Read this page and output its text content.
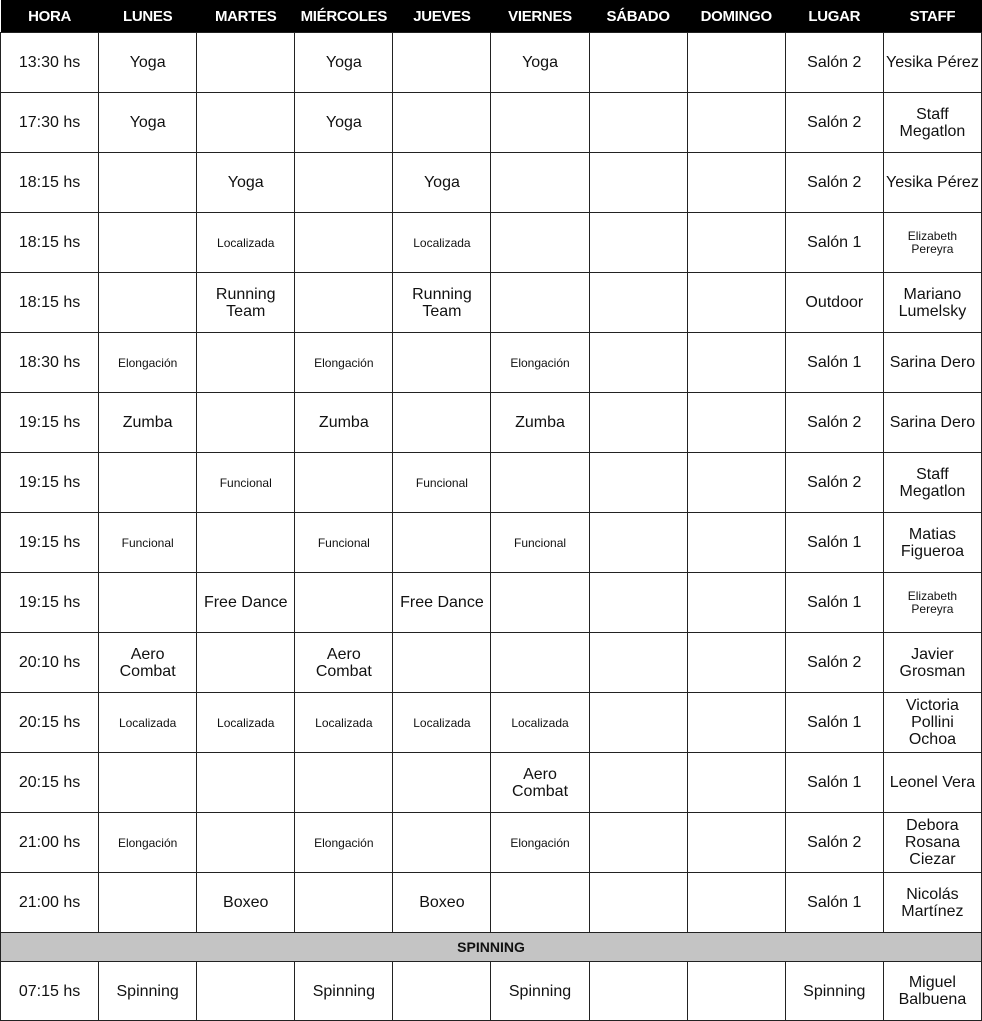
HORA	LUNES	MARTES	MIÉRCOLES	JUEVES	VIERNES	SÁBADO	DOMINGO	LUGAR	STAFF
13:30 hs	Yoga		Yoga		Yoga			Salón 2	Yesika Pérez
17:30 hs	Yoga		Yoga					Salón 2	Staff Megatlon
18:15 hs		Yoga		Yoga				Salón 2	Yesika Pérez
18:15 hs		Localizada		Localizada				Salón 1	Elizabeth Pereyra
18:15 hs		Running Team		Running Team				Outdoor	Mariano Lumelsky
18:30 hs	Elongación		Elongación		Elongación			Salón 1	Sarina Dero
19:15 hs	Zumba		Zumba		Zumba			Salón 2	Sarina Dero
19:15 hs		Funcional		Funcional				Salón 2	Staff Megatlon
19:15 hs	Funcional		Funcional		Funcional			Salón 1	Matias Figueroa
19:15 hs		Free Dance		Free Dance				Salón 1	Elizabeth Pereyra
20:10 hs	Aero Combat		Aero Combat					Salón 2	Javier Grosman
20:15 hs	Localizada	Localizada	Localizada	Localizada	Localizada			Salón 1	Victoria Pollini Ochoa
20:15 hs					Aero Combat			Salón 1	Leonel Vera
21:00 hs	Elongación		Elongación		Elongación			Salón 2	Debora Rosana Ciezar
21:00 hs		Boxeo		Boxeo				Salón 1	Nicolás Martínez
SPINNING									
07:15 hs	Spinning		Spinning		Spinning			Spinning	Miguel Balbuena
